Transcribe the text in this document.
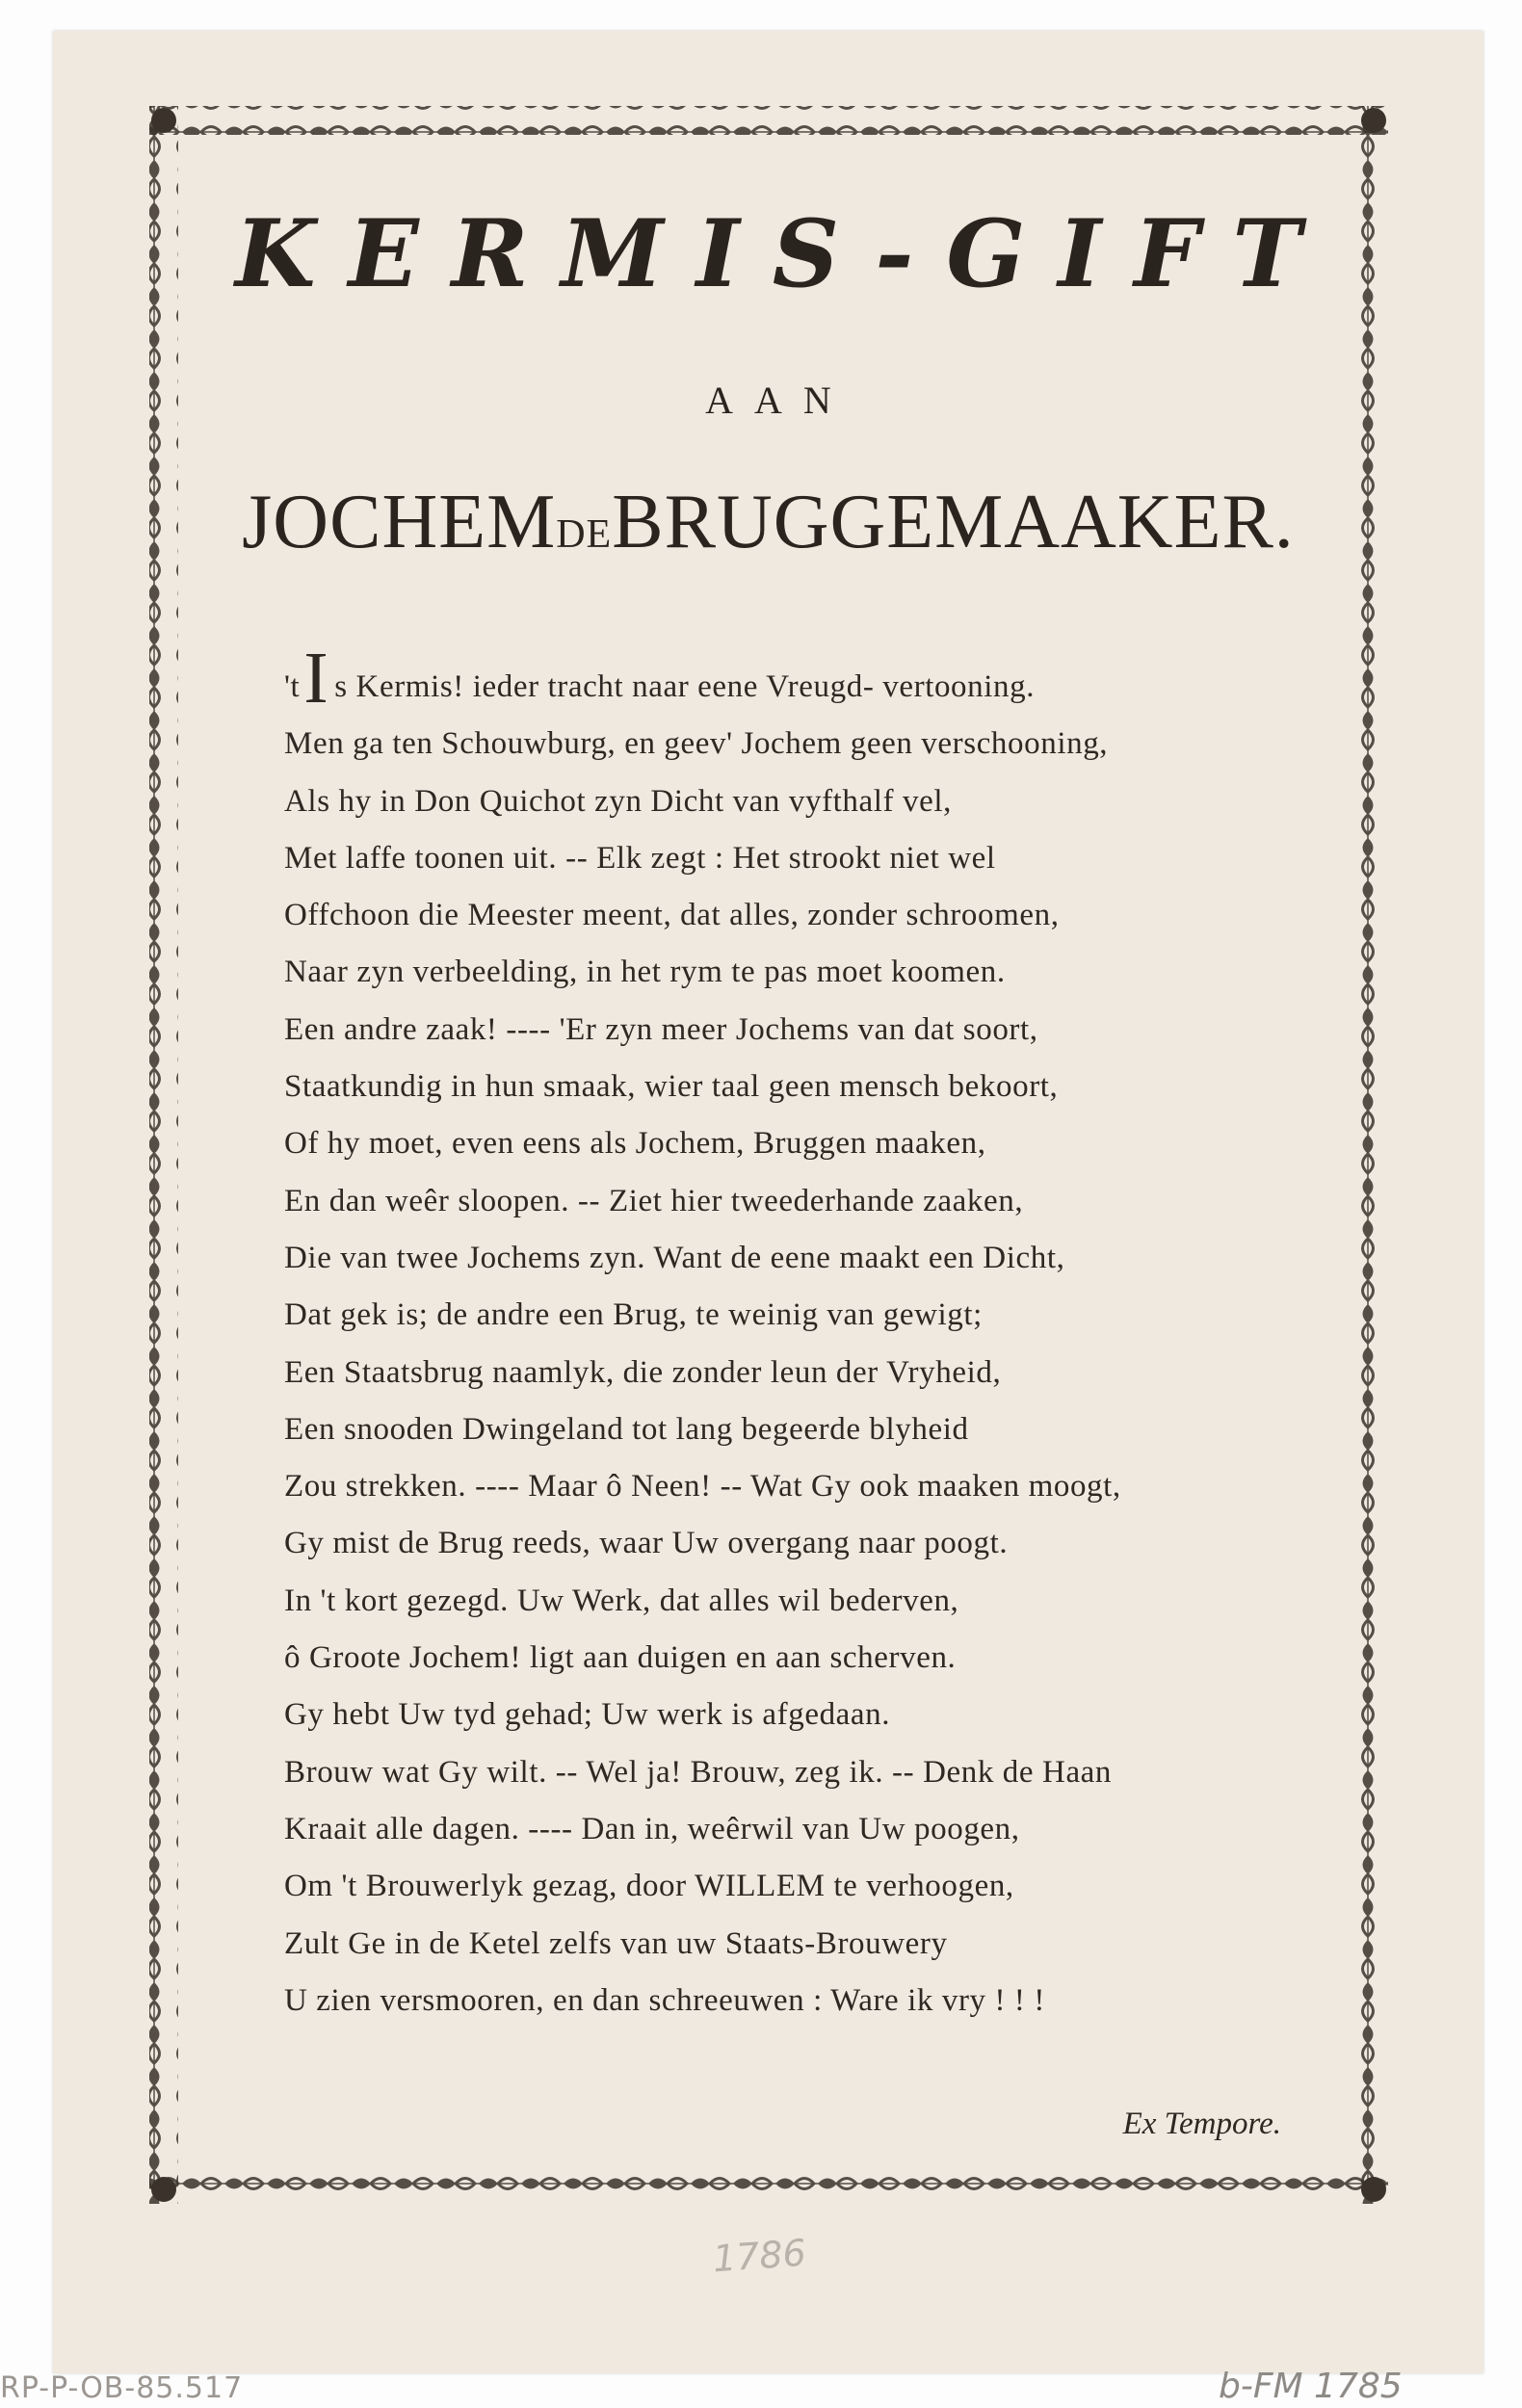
KERMIS-GIFT
AAN
JOCHEMDEBRUGGEMAAKER.
'tI s Kermis! ieder tracht naar eene Vreugd- vertooning.
Men ga ten Schouwburg, en geev' Jochem geen verschooning,
Als hy in Don Quichot zyn Dicht van vyfthalf vel,
Met laffe toonen uit. -- Elk zegt : Het strookt niet wel
Offchoon die Meester meent, dat alles, zonder schroomen,
Naar zyn verbeelding, in het rym te pas moet koomen.
Een andre zaak! ---- 'Er zyn meer Jochems van dat soort,
Staatkundig in hun smaak, wier taal geen mensch bekoort,
Of hy moet, even eens als Jochem, Bruggen maaken,
En dan weêr sloopen. -- Ziet hier tweederhande zaaken,
Die van twee Jochems zyn. Want de eene maakt een Dicht,
Dat gek is; de andre een Brug, te weinig van gewigt;
Een Staatsbrug naamlyk, die zonder leun der Vryheid,
Een snooden Dwingeland tot lang begeerde blyheid
Zou strekken. ---- Maar ô Neen! -- Wat Gy ook maaken moogt,
Gy mist de Brug reeds, waar Uw overgang naar poogt.
In 't kort gezegd. Uw Werk, dat alles wil bederven,
ô Groote Jochem! ligt aan duigen en aan scherven.
Gy hebt Uw tyd gehad; Uw werk is afgedaan.
Brouw wat Gy wilt. -- Wel ja! Brouw, zeg ik. -- Denk de Haan
Kraait alle dagen. ---- Dan in, weêrwil van Uw poogen,
Om 't Brouwerlyk gezag, door WILLEM te verhoogen,
Zult Ge in de Ketel zelfs van uw Staats-Brouwery
U zien versmooren, en dan schreeuwen : Ware ik vry ! ! !
Ex Tempore.
1786
RP-P-OB-85.517	b-FM 1785
